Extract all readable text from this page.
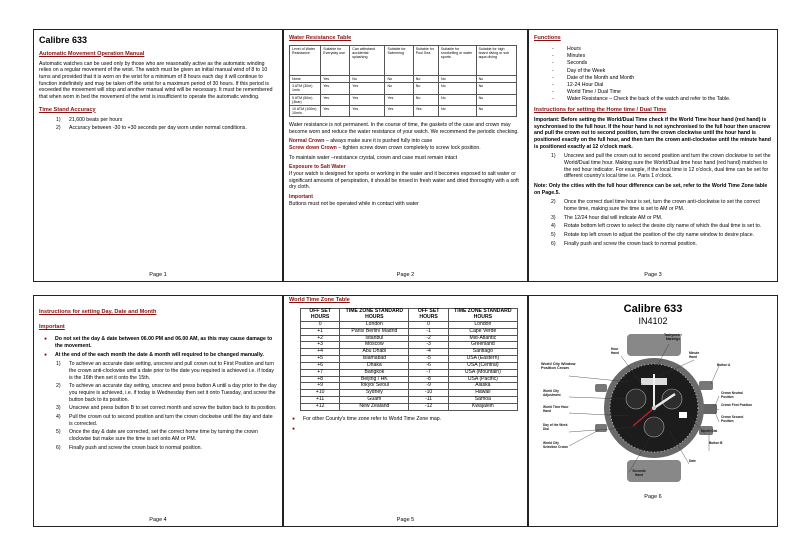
Calibre 633
Automatic Movement Operation Manual

Automatic watches can be used only by those who are reasonably active as the automatic winding relies on a regular movement of the wrist. The watch must be given an initial manual wind of 8 to 10 turns and provided that it is worn on the wrist for a minimum of 8 hours each day it will continue to function indefinitely and may be taken off the wrist for a maximum period of 30 hours. If this period is exceeded the movement will stop and another manual wind will be necessary. It must be remembered that when worn in bed the movement of the wrist is insufficient to operate the automatic winding.

Time Stand Accuracy
1) 21,600 beats per hours
2) Accuracy between -30 to +30 seconds per day worn under normal conditions.
Page 1
Water Resistance Table
Level of Water Resistance	Suitable for Everyday use	Can withstand accidental splashing	Suitable for Swimming	Suitable for Pool Sea	Suitable for snorkelling or water sports	Suitable for high board diving or sub aqua diving
None	Yes	No	No	No	No	No
3 ATM (30m) 1m/s	Yes	Yes	No	No	No	No
5 ATM (50m) (3bar)	Yes	Yes	Yes	No	No	No
10 ATM (100m) 10m/s	Yes	Yes	Yes	Yes	No	No

Water resistance is not permanent. In the course of time, the gaskets of the case and crown may become worn and reduce the water resistance of your watch. We recommend the periodic checking.

Normal Crown – always make sure it is pushed fully into case
Screw down Crown – tighten screw down crown completely to screw lock position.

To maintain water –resistance crystal, crown and case must remain intact

Exposure to Salt Water

If your watch is designed for sports or working in the water and it becomes exposed to salt water or significant amounts of perspiration, it should be rinsed in fresh water and dried thoroughly with a soft dry cloth.

Important

Buttons must not be operated while in contact with water

Page 2
Functions
- Hours
- Minutes
- Seconds
- Day of the Week
- Date of the Month and Month
- 12-24 Hour Dial
- World Time / Dual Time
- Water Resistance – Check the back of the watch and refer to the Table.
Instructions for setting the Home time / Dual Time

Important: Before setting the World/Dual Time check if the World Time hour hand (red hand) is synchronised to the full hour. If the hour hand is not synchronised to the full hour then unscrew and pull the crown out to second position, turn the crown clockwise until the hour hand is positioned exactly on the full hour, and then turn the crown anti-clockwise until the minute hand is positioned exactly at 12 o'clock mark.

1) Unscrew and pull the crown out to second position and turn the crown clockwise to set the World/Dual time hour. Making sure the World/Dual time hour hand (red hand) matches to the red hour indicator. For example, if the local time is 12 o'clock, dual time can be set for different country's local time i.e. Paris 1 o'clock.

Note: Only the cities with the full hour difference can be set, refer to the World Time Zone table on Page.5.

2) Once the correct duel time hour is set, turn the crown anti-clockwise to set the correct home time, making sure the time is set to AM or PM.
3) The 12/24 hour dial will indicate AM or PM.
4) Rotate bottom left crown to select the desire city name of which the dual time is set to.
5) Rotate top left crown to adjust the position of the city name window to desire place.
6) Finally push and screw the crown back to normal position.
Page 3
Instructions for setting Day, Date and Month
Important
● Do not set the day & date between 06.00 PM and 06.00 AM, as this may cause damage to the movement.
● At the end of the each month the date & month will required to be changed manually.
1) To achieve an accurate date setting, unscrew and pull crown out to First Position and turn the crown anti-clockwise until a date prior to the date you required is achieved i.e. if today is the 16th then set it onto the 15th.
2) To achieve an accurate day setting, unscrew and press button A until a day prior to the day you require is achieved, i.e. if today is Wednesday then set it onto Tuesday, and screw the button back to its position.
3) Unscrew and press button B to set correct month and screw the button back to its position.
4) Pull the crown out to second position and turn the crown clockwise until the day and date is corrected.
5) Once the day & date are corrected, set the correct home time by turning the crown clockwise but make sure the time is set onto AM or PM.
6) Finally push and screw the crown back to normal position.
Page 4
World Time Zone Table
OFF SET HOURS	TIME ZONE STANDARD HOURS	OFF SET HOURS	TIME ZONE STANDARD HOURS
0	London	0	London
+1	Paris/ Berlin/ Madrid	-1	Cape Verde
+2	Istanbul	-2	Mid-Atlantic
+3	Moscow	-3	Greenland
+4	Abu Dhabi	-4	Santiago
+5	Islamabad	-5	USA (Eastern)
+6	Dhaka	-6	USA (Central)
+7	Bangkok	-7	USA (Mountain)
+8	Beijing / HK	-8	USA (Pacific)
+9	Tokyo/ Seoul	-9	Alaska
+10	Sydney	-10	Hawaii
+11	Guam	-11	Samoa
+12	New Zealand	-12	Kwajalein
● For other County's time zone refer to World Time Zone map.
●
Page 5
Calibre 633
IN4102
World City Window Position Crown
World City Adjustment
World Time Hour Hand
Day of the Week Dial
World City Selection Crown
Hour Hand
Tachymeter Markings
Minute Hand
Button A
Crown Neutral Position
Crown First Position
Crown Second Position
Month Dial
Button B
Date
Seconds Hand
Page 6
